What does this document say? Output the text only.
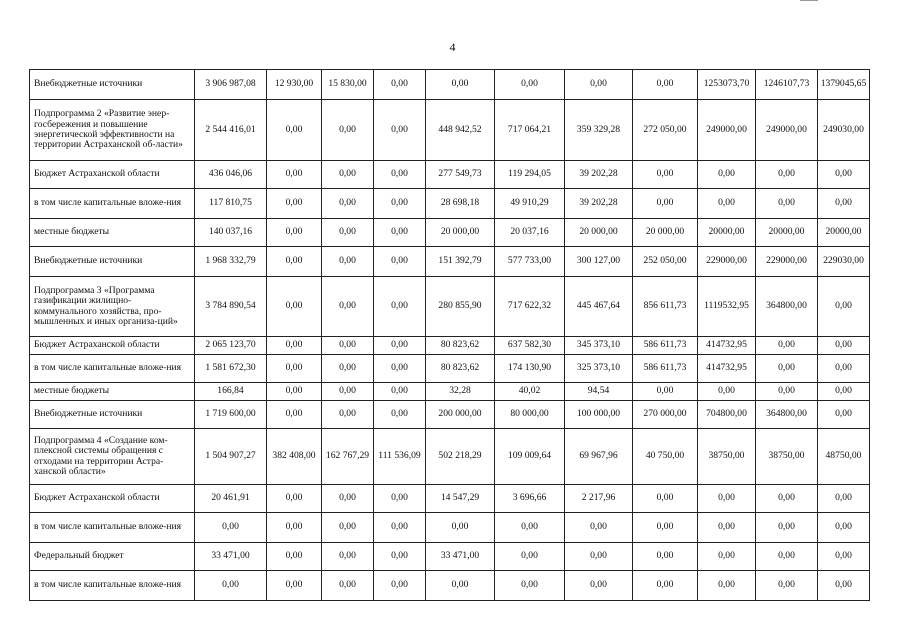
4
Внебюджетные источники	3 906 987,08	12 930,00	15 830,00	0,00	0,00	0,00	0,00	0,00	1253073,70	1246107,73	1379045,65
Подпрограмма 2 «Развитие энер-госбережения и повышение энергетической эффективности на территории Астраханской об-ласти»	2 544 416,01	0,00	0,00	0,00	448 942,52	717 064,21	359 329,28	272 050,00	249000,00	249000,00	249030,00
Бюджет Астраханской области	436 046,06	0,00	0,00	0,00	277 549,73	119 294,05	39 202,28	0,00	0,00	0,00	0,00
в том числе капитальные вложе-ния	117 810,75	0,00	0,00	0,00	28 698,18	49 910,29	39 202,28	0,00	0,00	0,00	0,00
местные бюджеты	140 037,16	0,00	0,00	0,00	20 000,00	20 037,16	20 000,00	20 000,00	20000,00	20000,00	20000,00
Внебюджетные источники	1 968 332,79	0,00	0,00	0,00	151 392,79	577 733,00	300 127,00	252 050,00	229000,00	229000,00	229030,00
Подпрограмма 3 «Программа газификации жилищно-коммунального хозяйства, про-мышленных и иных организа-ций»	3 784 890,54	0,00	0,00	0,00	280 855,90	717 622,32	445 467,64	856 611,73	1119532,95	364800,00	0,00
Бюджет Астраханской области	2 065 123,70	0,00	0,00	0,00	80 823,62	637 582,30	345 373,10	586 611,73	414732,95	0,00	0,00
в том числе капитальные вложе-ния	1 581 672,30	0,00	0,00	0,00	80 823,62	174 130,90	325 373,10	586 611,73	414732,95	0,00	0,00
местные бюджеты	166,84	0,00	0,00	0,00	32,28	40,02	94,54	0,00	0,00	0,00	0,00
Внебюджетные источники	1 719 600,00	0,00	0,00	0,00	200 000,00	80 000,00	100 000,00	270 000,00	704800,00	364800,00	0,00
Подпрограмма 4 «Создание ком-плексной системы обращения с отходами на территории Астра-ханской области»	1 504 907,27	382 408,00	162 767,29	111 536,09	502 218,29	109 009,64	69 967,96	40 750,00	38750,00	38750,00	48750,00
Бюджет Астраханской области	20 461,91	0,00	0,00	0,00	14 547,29	3 696,66	2 217,96	0,00	0,00	0,00	0,00
в том числе капитальные вложе-ния	0,00	0,00	0,00	0,00	0,00	0,00	0,00	0,00	0,00	0,00	0,00
Федеральный бюджет	33 471,00	0,00	0,00	0,00	33 471,00	0,00	0,00	0,00	0,00	0,00	0,00
в том числе капитальные вложе-ния	0,00	0,00	0,00	0,00	0,00	0,00	0,00	0,00	0,00	0,00	0,00
